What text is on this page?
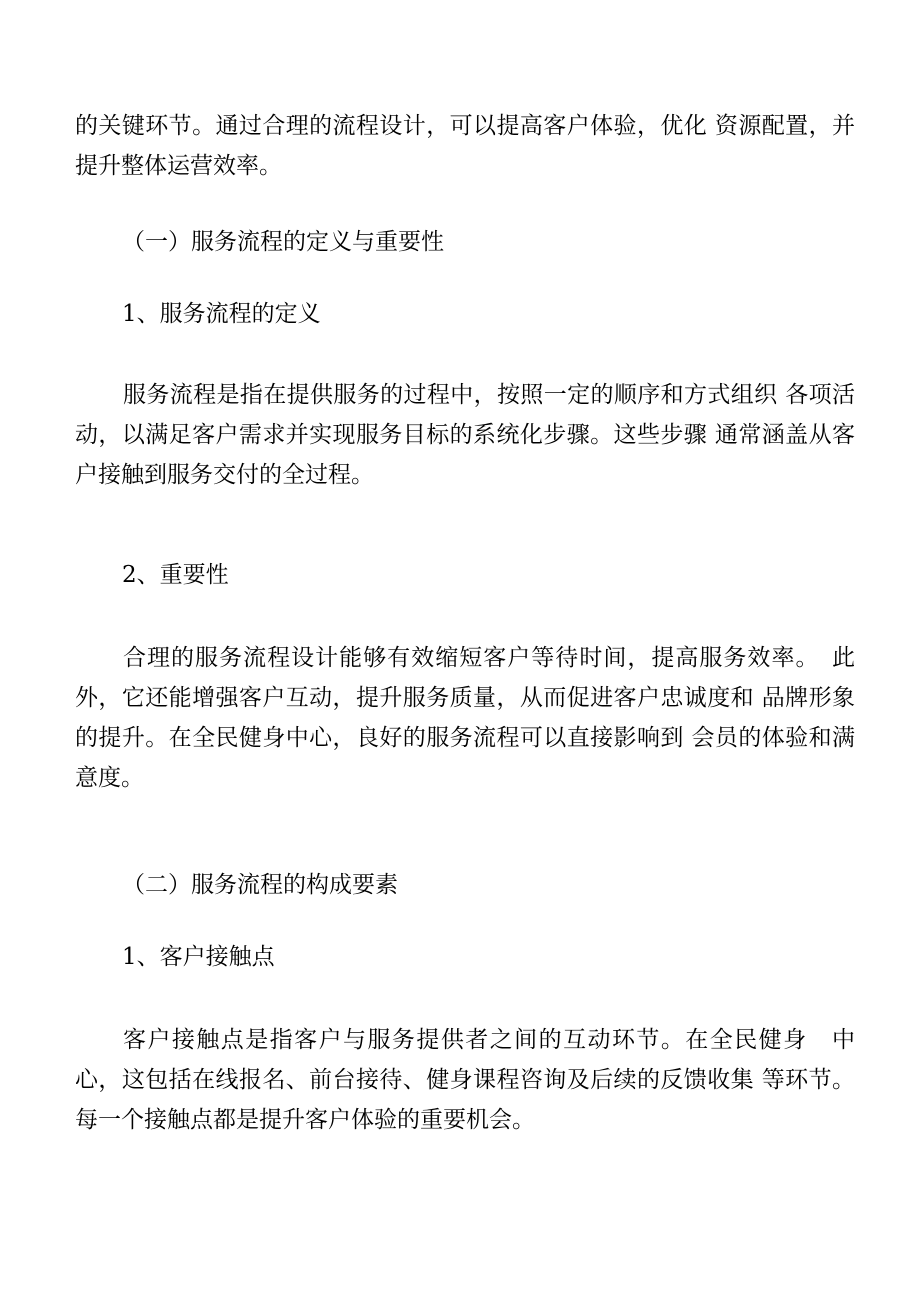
的关键环节。通过合理的流程设计，可以提高客户体验，优化 资源配置，并提升整体运营效率。

（一）服务流程的定义与重要性

1、服务流程的定义

服务流程是指在提供服务的过程中，按照一定的顺序和方式组织 各项活动，以满足客户需求并实现服务目标的系统化步骤。这些步骤 通常涵盖从客户接触到服务交付的全过程。

2、重要性

合理的服务流程设计能够有效缩短客户等待时间，提高服务效率。　此外，它还能增强客户互动，提升服务质量，从而促进客户忠诚度和 品牌形象的提升。在全民健身中心，良好的服务流程可以直接影响到 会员的体验和满意度。

（二）服务流程的构成要素

1、客户接触点

客户接触点是指客户与服务提供者之间的互动环节。在全民健身　中心，这包括在线报名、前台接待、健身课程咨询及后续的反馈收集 等环节。每一个接触点都是提升客户体验的重要机会。
